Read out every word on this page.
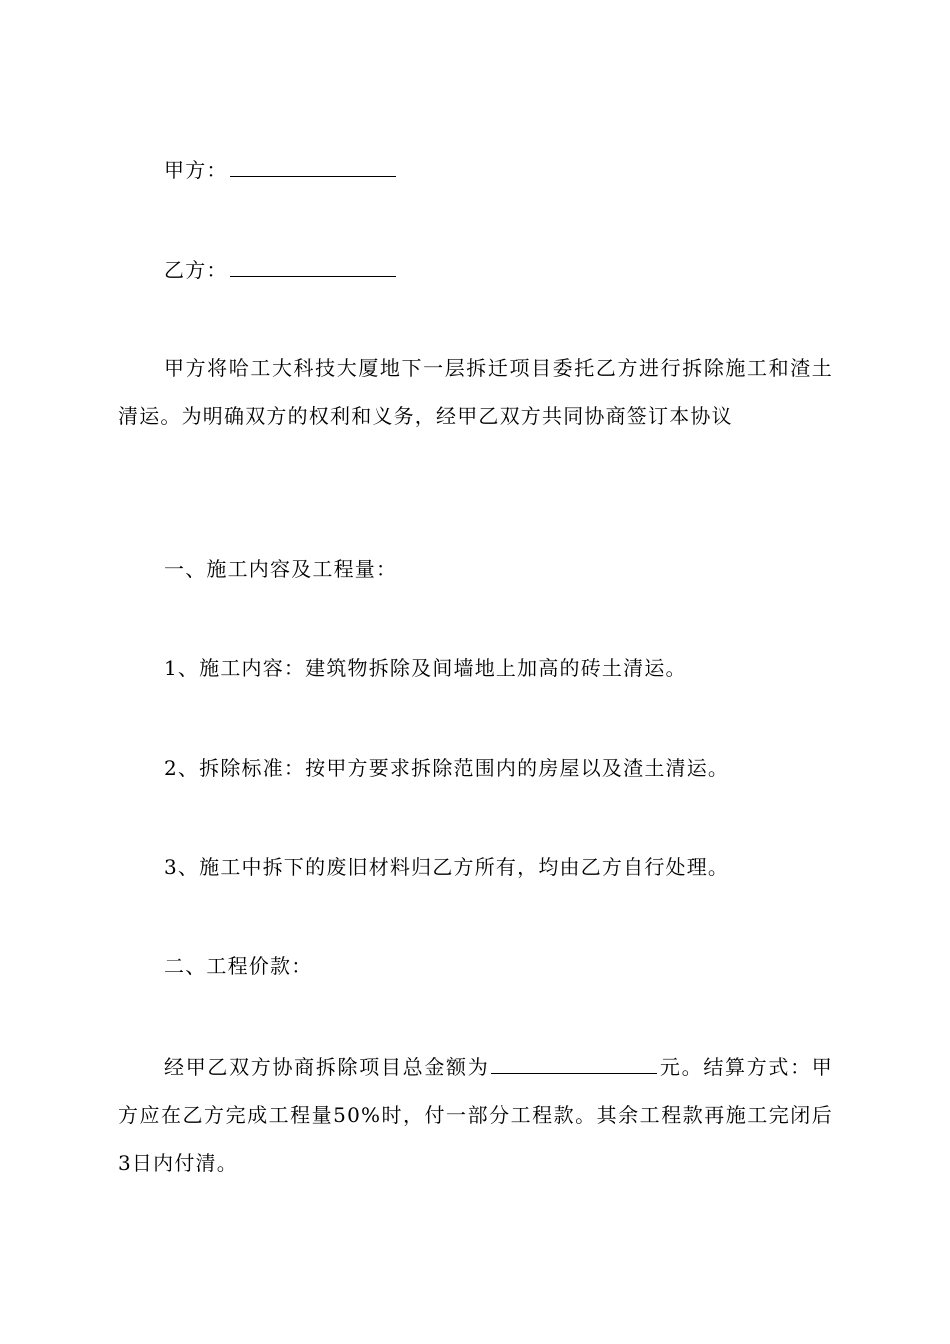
甲方：
乙方：
甲方将哈工大科技大厦地下一层拆迁项目委托乙方进行拆除施工和渣土清运。为明确双方的权利和义务，经甲乙双方共同协商签订本协议
一、施工内容及工程量：
1、施工内容：建筑物拆除及间墙地上加高的砖土清运。
2、拆除标准：按甲方要求拆除范围内的房屋以及渣土清运。
3、施工中拆下的废旧材料归乙方所有，均由乙方自行处理。
二、工程价款：
经甲乙双方协商拆除项目总金额为	元。结算方式：甲方应在乙方完成工程量50%时，付一部分工程款。其余工程款再施工完闭后3日内付清。
